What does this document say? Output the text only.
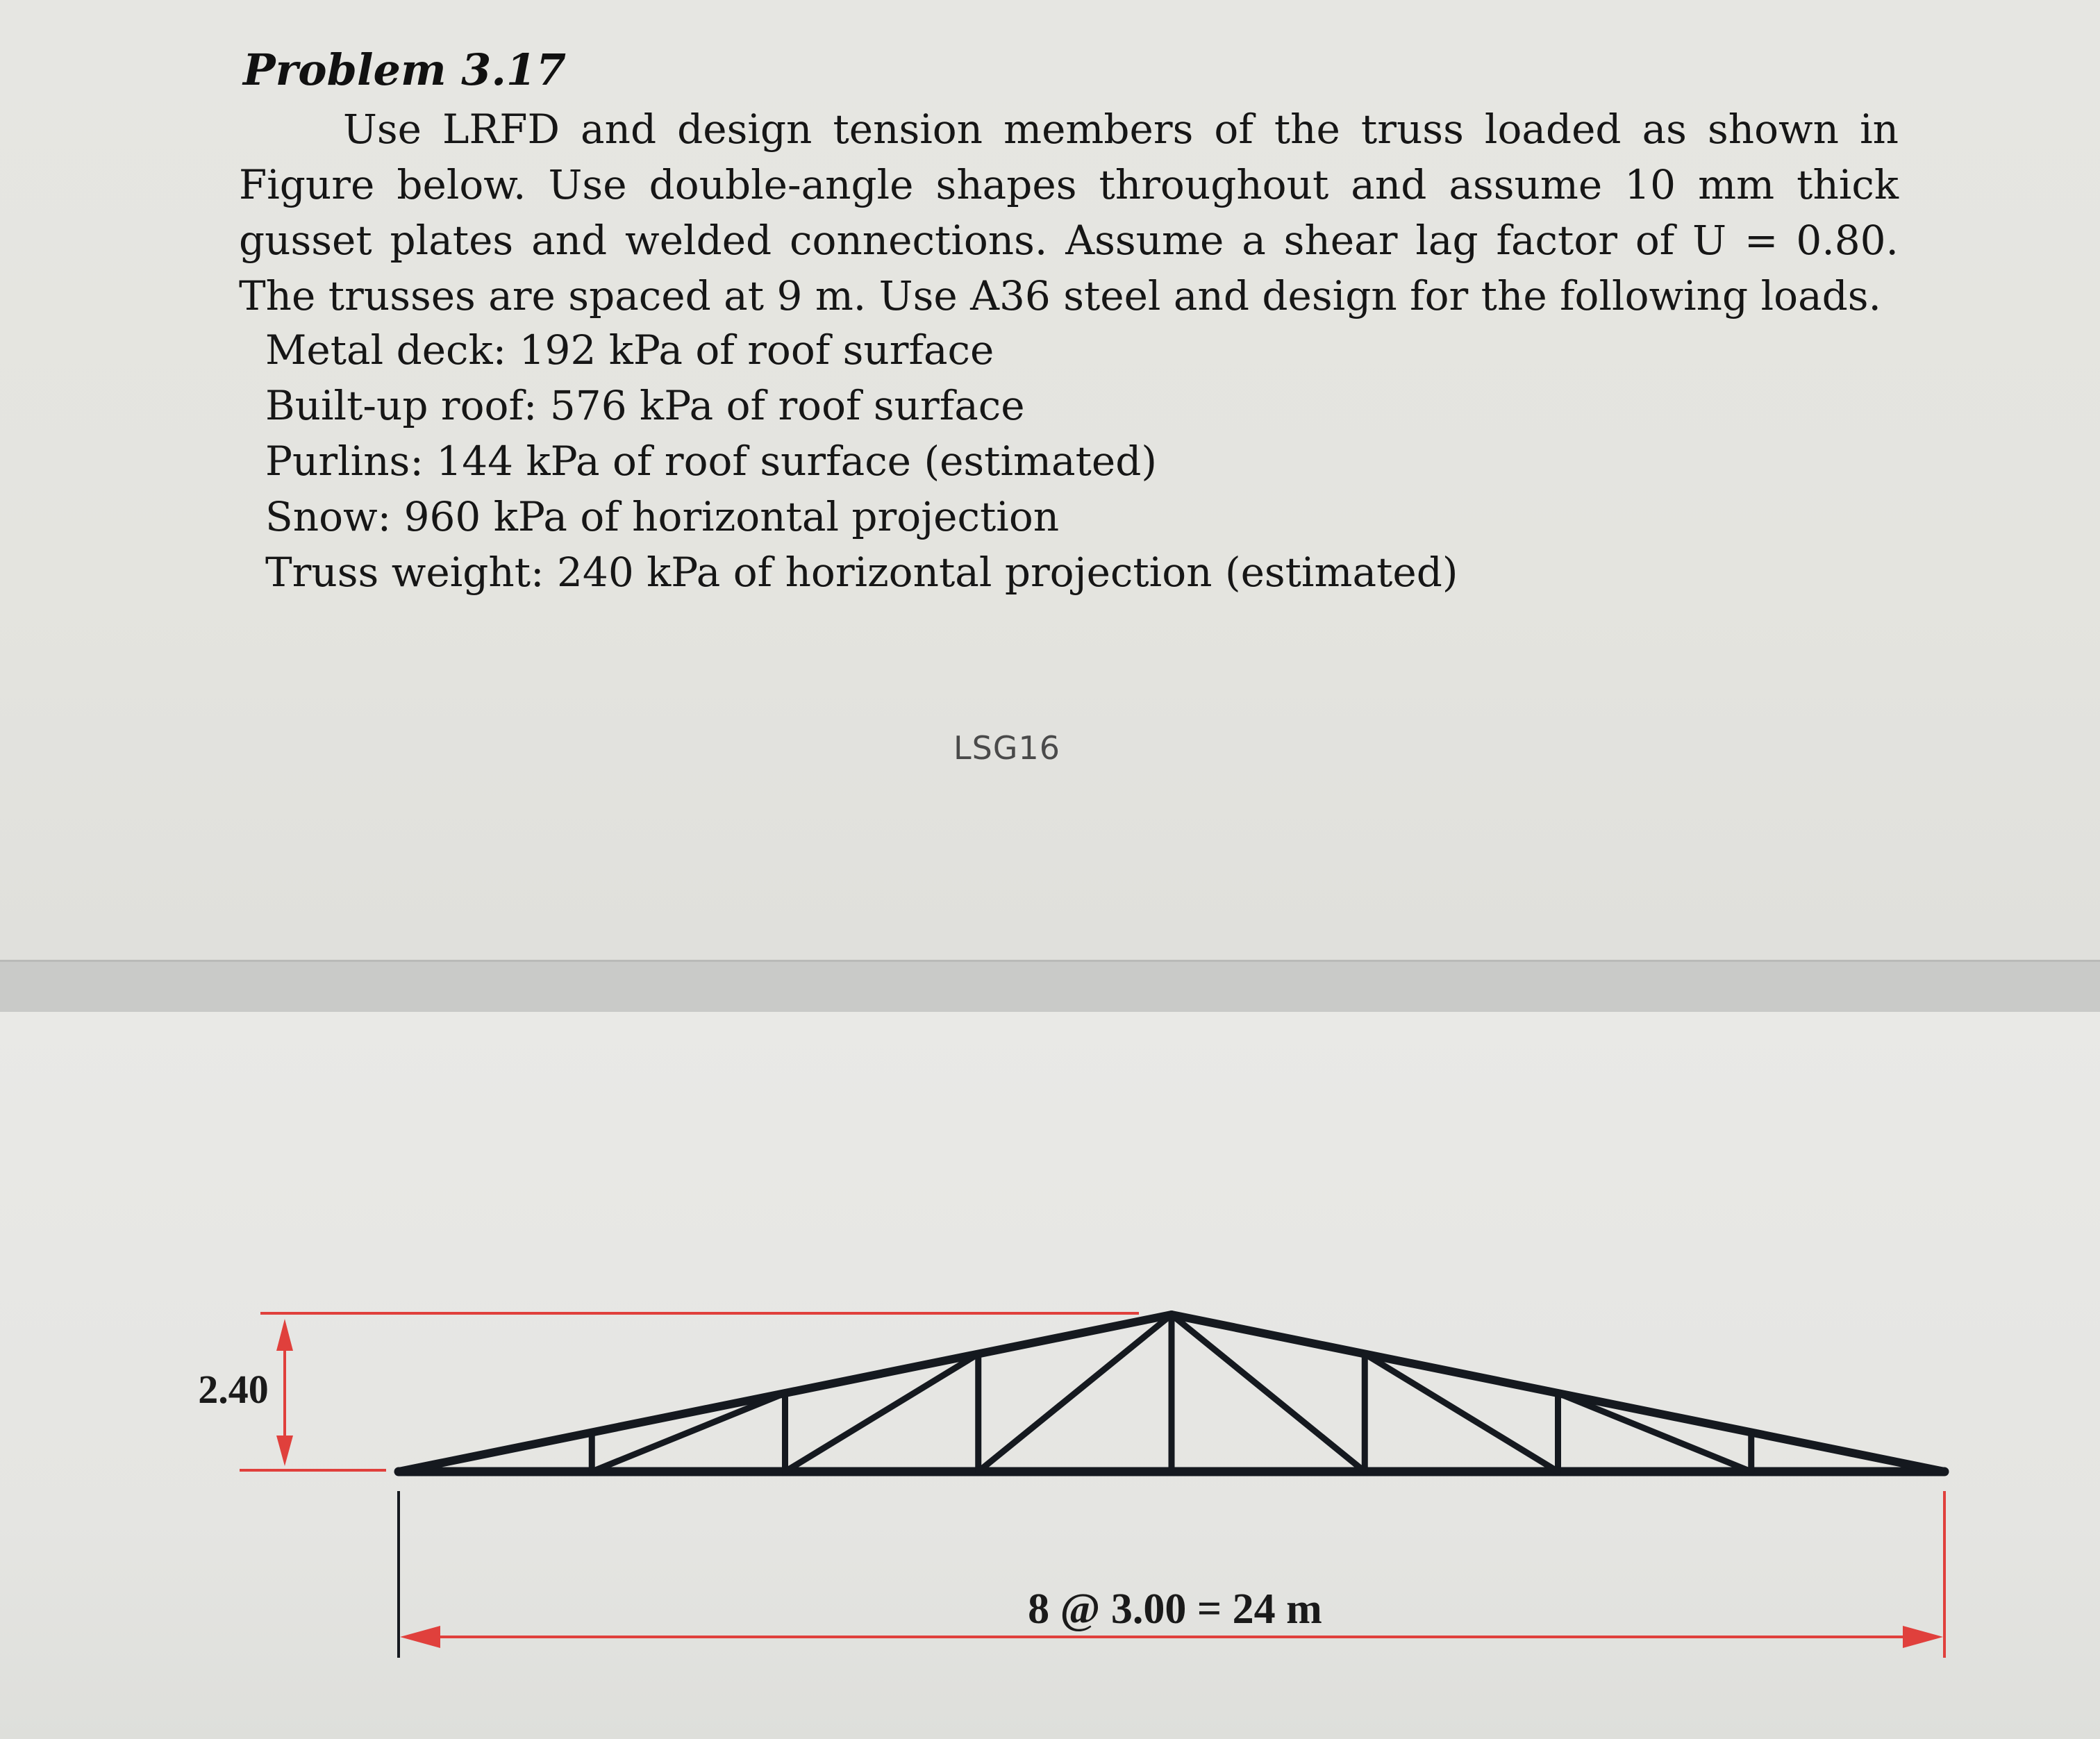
Problem 3.17

Use LRFD and design tension members of the truss loaded as shown in Figure below. Use double-angle shapes throughout and assume 10 mm thick gusset plates and welded connections. Assume a shear lag factor of U = 0.80. The trusses are spaced at 9 m. Use A36 steel and design for the following loads.

Metal deck: 192 kPa of roof surface
Built-up roof: 576 kPa of roof surface
Purlins: 144 kPa of roof surface (estimated)
Snow: 960 kPa of horizontal projection
Truss weight: 240 kPa of horizontal projection (estimated)
LSG16
2.40
8 @ 3.00 = 24 m
